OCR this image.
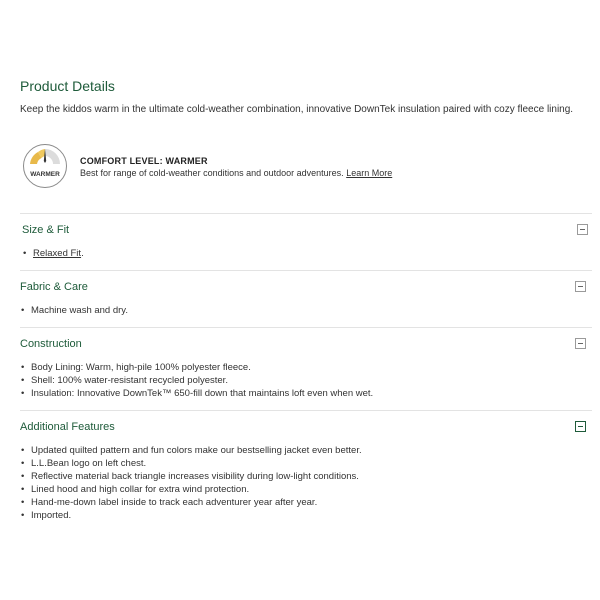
Product Details

Keep the kiddos warm in the ultimate cold-weather combination, innovative DownTek insulation paired with cozy fleece lining.

WARMER
COMFORT LEVEL: WARMER
Best for range of cold-weather conditions and outdoor adventures. Learn More
Size & Fit
• Relaxed Fit.
Fabric & Care
• Machine wash and dry.
Construction
• Body Lining: Warm, high-pile 100% polyester fleece.
• Shell: 100% water-resistant recycled polyester.
• Insulation: Innovative DownTek™ 650-fill down that maintains loft even when wet.
Additional Features
• Updated quilted pattern and fun colors make our bestselling jacket even better.
• L.L.Bean logo on left chest.
• Reflective material back triangle increases visibility during low-light conditions.
• Lined hood and high collar for extra wind protection.
• Hand-me-down label inside to track each adventurer year after year.
• Imported.
